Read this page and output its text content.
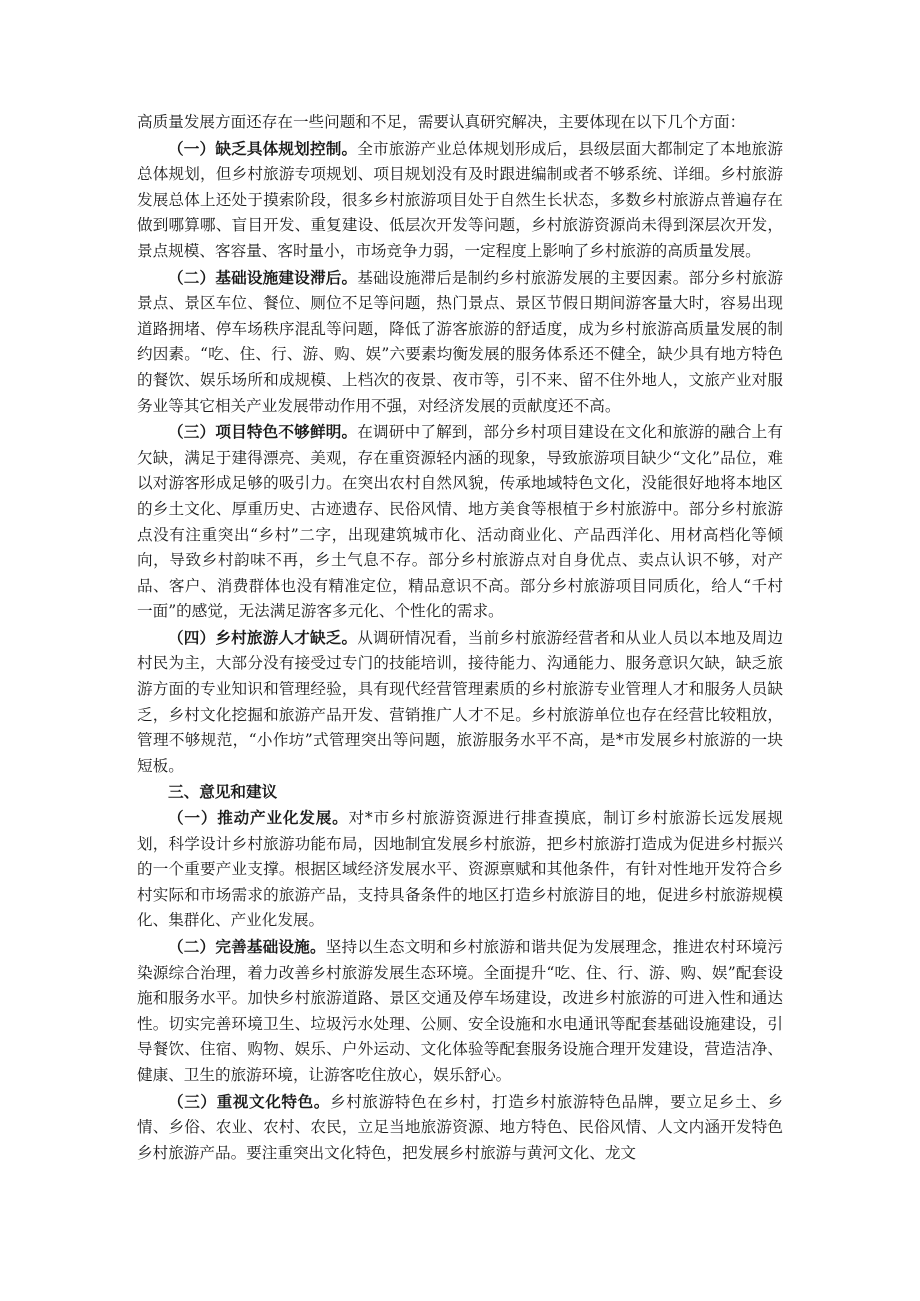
高质量发展方面还存在一些问题和不足，需要认真研究解决，主要体现在以下几个方面：

（一）缺乏具体规划控制。全市旅游产业总体规划形成后，县级层面大都制定了本地旅游总体规划，但乡村旅游专项规划、项目规划没有及时跟进编制或者不够系统、详细。乡村旅游发展总体上还处于摸索阶段，很多乡村旅游项目处于自然生长状态，多数乡村旅游点普遍存在做到哪算哪、盲目开发、重复建设、低层次开发等问题，乡村旅游资源尚未得到深层次开发，景点规模、客容量、客时量小，市场竞争力弱，一定程度上影响了乡村旅游的高质量发展。

（二）基础设施建设滞后。基础设施滞后是制约乡村旅游发展的主要因素。部分乡村旅游景点、景区车位、餐位、厕位不足等问题，热门景点、景区节假日期间游客量大时，容易出现道路拥堵、停车场秩序混乱等问题，降低了游客旅游的舒适度，成为乡村旅游高质量发展的制约因素。“吃、住、行、游、购、娱”六要素均衡发展的服务体系还不健全，缺少具有地方特色的餐饮、娱乐场所和成规模、上档次的夜景、夜市等，引不来、留不住外地人，文旅产业对服务业等其它相关产业发展带动作用不强，对经济发展的贡献度还不高。

（三）项目特色不够鲜明。在调研中了解到，部分乡村项目建设在文化和旅游的融合上有欠缺，满足于建得漂亮、美观，存在重资源轻内涵的现象，导致旅游项目缺少“文化”品位，难以对游客形成足够的吸引力。在突出农村自然风貌，传承地域特色文化，没能很好地将本地区的乡土文化、厚重历史、古迹遗存、民俗风情、地方美食等根植于乡村旅游中。部分乡村旅游点没有注重突出“乡村”二字，出现建筑城市化、活动商业化、产品西洋化、用材高档化等倾向，导致乡村韵味不再，乡土气息不存。部分乡村旅游点对自身优点、卖点认识不够，对产品、客户、消费群体也没有精准定位，精品意识不高。部分乡村旅游项目同质化，给人“千村一面”的感觉，无法满足游客多元化、个性化的需求。

（四）乡村旅游人才缺乏。从调研情况看，当前乡村旅游经营者和从业人员以本地及周边村民为主，大部分没有接受过专门的技能培训，接待能力、沟通能力、服务意识欠缺，缺乏旅游方面的专业知识和管理经验，具有现代经营管理素质的乡村旅游专业管理人才和服务人员缺乏，乡村文化挖掘和旅游产品开发、营销推广人才不足。乡村旅游单位也存在经营比较粗放，管理不够规范，“小作坊”式管理突出等问题，旅游服务水平不高，是*市发展乡村旅游的一块短板。

三、意见和建议

（一）推动产业化发展。对*市乡村旅游资源进行排查摸底，制订乡村旅游长远发展规划，科学设计乡村旅游功能布局，因地制宜发展乡村旅游，把乡村旅游打造成为促进乡村振兴的一个重要产业支撑。根据区域经济发展水平、资源禀赋和其他条件，有针对性地开发符合乡村实际和市场需求的旅游产品，支持具备条件的地区打造乡村旅游目的地，促进乡村旅游规模化、集群化、产业化发展。

（二）完善基础设施。坚持以生态文明和乡村旅游和谐共促为发展理念，推进农村环境污染源综合治理，着力改善乡村旅游发展生态环境。全面提升“吃、住、行、游、购、娱”配套设施和服务水平。加快乡村旅游道路、景区交通及停车场建设，改进乡村旅游的可进入性和通达性。切实完善环境卫生、垃圾污水处理、公厕、安全设施和水电通讯等配套基础设施建设，引导餐饮、住宿、购物、娱乐、户外运动、文化体验等配套服务设施合理开发建设，营造洁净、健康、卫生的旅游环境，让游客吃住放心，娱乐舒心。

（三）重视文化特色。乡村旅游特色在乡村，打造乡村旅游特色品牌，要立足乡土、乡情、乡俗、农业、农村、农民，立足当地旅游资源、地方特色、民俗风情、人文内涵开发特色乡村旅游产品。要注重突出文化特色，把发展乡村旅游与黄河文化、龙文
